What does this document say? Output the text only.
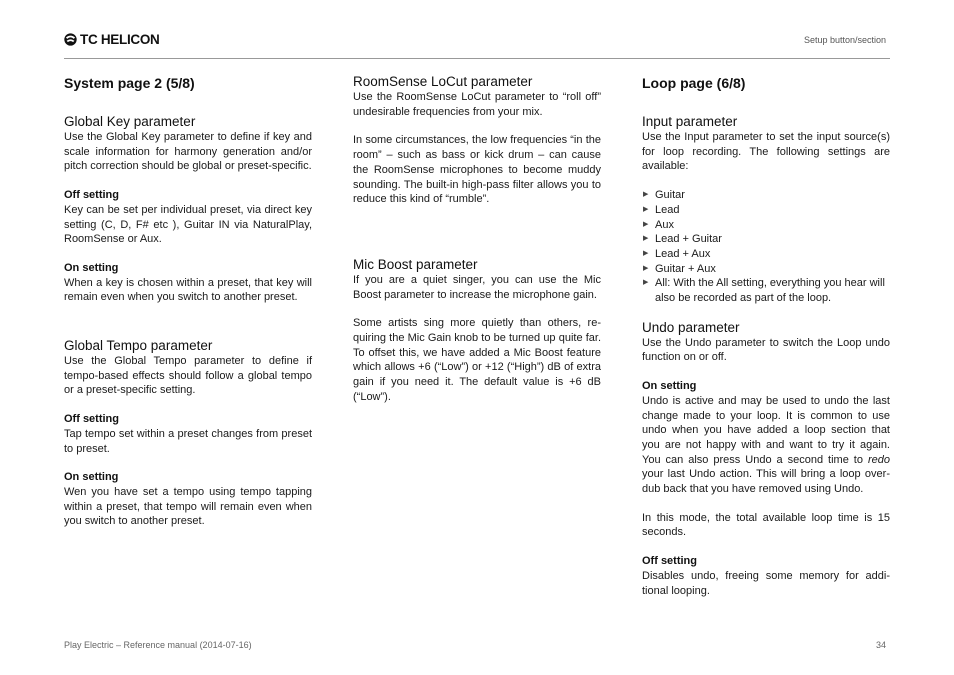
TC HELICON	Setup button/section
System page 2 (5/8)
Global Key parameter

Use the Global Key parameter to define if key and scale information for harmony generation and/or pitch correction should be global or preset-specific.

Off setting

Key can be set per individual preset, via direct key setting (C, D, F# etc ), Guitar IN via NaturalPlay, RoomSense or Aux.

On setting

When a key is chosen within a preset, that key will remain even when you switch to another preset.

Global Tempo parameter

Use the Global Tempo parameter to define if tempo-based effects should follow a global tempo or a preset-specific setting.

Off setting

Tap tempo set within a preset changes from preset to preset.

On setting

Wen you have set a tempo using tempo tapping within a preset, that tempo will remain even when you switch to another preset.

RoomSense LoCut parameter

Use the RoomSense LoCut parameter to “roll off” undesirable frequencies from your mix.

In some circumstances, the low frequencies “in the room” – such as bass or kick drum – can cause the RoomSense microphones to become muddy sounding. The built-in high-pass filter allows you to reduce this kind of “rumble”.

Mic Boost parameter

If you are a quiet singer, you can use the Mic Boost parameter to increase the microphone gain.

Some artists sing more quietly than others, requiring the Mic Gain knob to be turned up quite far. To offset this, we have added a Mic Boost feature which allows +6 (“Low”) or +12 (“High”) dB of extra gain if you need it. The default value is +6 dB (“Low”).

Loop page (6/8)
Input parameter

Use the Input parameter to set the input source(s) for loop recording. The following settings are available:

▶ Guitar
▶ Lead
▶ Aux
▶ Lead + Guitar
▶ Lead + Aux
▶ Guitar + Aux
▶ All: With the All setting, everything you hear will also be recorded as part of the loop.
Undo parameter

Use the Undo parameter to switch the Loop undo function on or off.

On setting

Undo is active and may be used to undo the last change made to your loop. It is common to use undo when you have added a loop section that you are not happy with and want to try it again. You can also press Undo a second time to redo your last Undo action. This will bring a loop overdub back that you have removed using Undo.

In this mode, the total available loop time is 15 seconds.

Off setting

Disables undo, freeing some memory for additional looping.

Play Electric – Reference manual (2014-07-16)	34
